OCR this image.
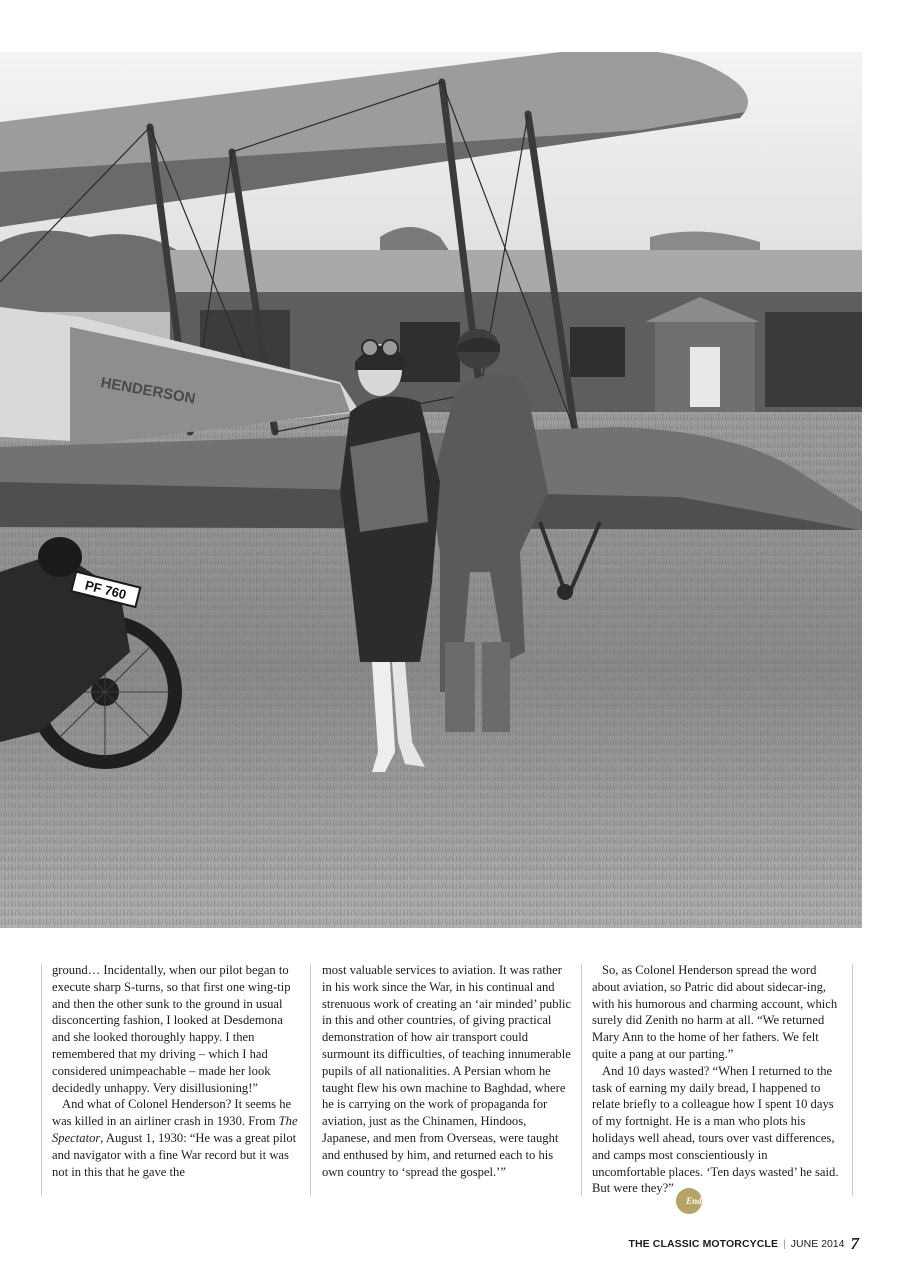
HENDERSON
PF 760

ground… Incidentally, when our pilot began to execute sharp S-turns, so that first one wing-tip and then the other sunk to the ground in usual disconcerting fashion, I looked at Desdemona and she looked thoroughly happy. I then remembered that my driving – which I had considered unimpeachable – made her look decidedly unhappy. Very disillusioning!”

And what of Colonel Henderson? It seems he was killed in an airliner crash in 1930. From The Spectator, August 1, 1930: “He was a great pilot and navigator with a fine War record but it was not in this that he gave the

most valuable services to aviation. It was rather in his work since the War, in his continual and strenuous work of creating an ‘air minded’ public in this and other countries, of giving practical demonstration of how air transport could surmount its difficulties, of teaching innumerable pupils of all nationalities. A Persian whom he taught flew his own machine to Baghdad, where he is carrying on the work of propaganda for aviation, just as the Chinamen, Hindoos, Japanese, and men from Overseas, were taught and enthused by him, and returned each to his own country to ‘spread the gospel.’”

So, as Colonel Henderson spread the word about aviation, so Patric did about sidecar-ing, with his humorous and charming account, which surely did Zenith no harm at all. “We returned Mary Ann to the home of her fathers. We felt quite a pang at our parting.”

And 10 days wasted? “When I returned to the task of earning my daily bread, I happened to relate briefly to a colleague how I spent 10 days of my fortnight. He is a man who plots his holidays well ahead, tours over vast differences, and camps most conscientiously in uncomfortable places. ‘Ten days wasted’ he said. But were they?”End

THE CLASSIC MOTORCYCLE | JUNE 2014 7
